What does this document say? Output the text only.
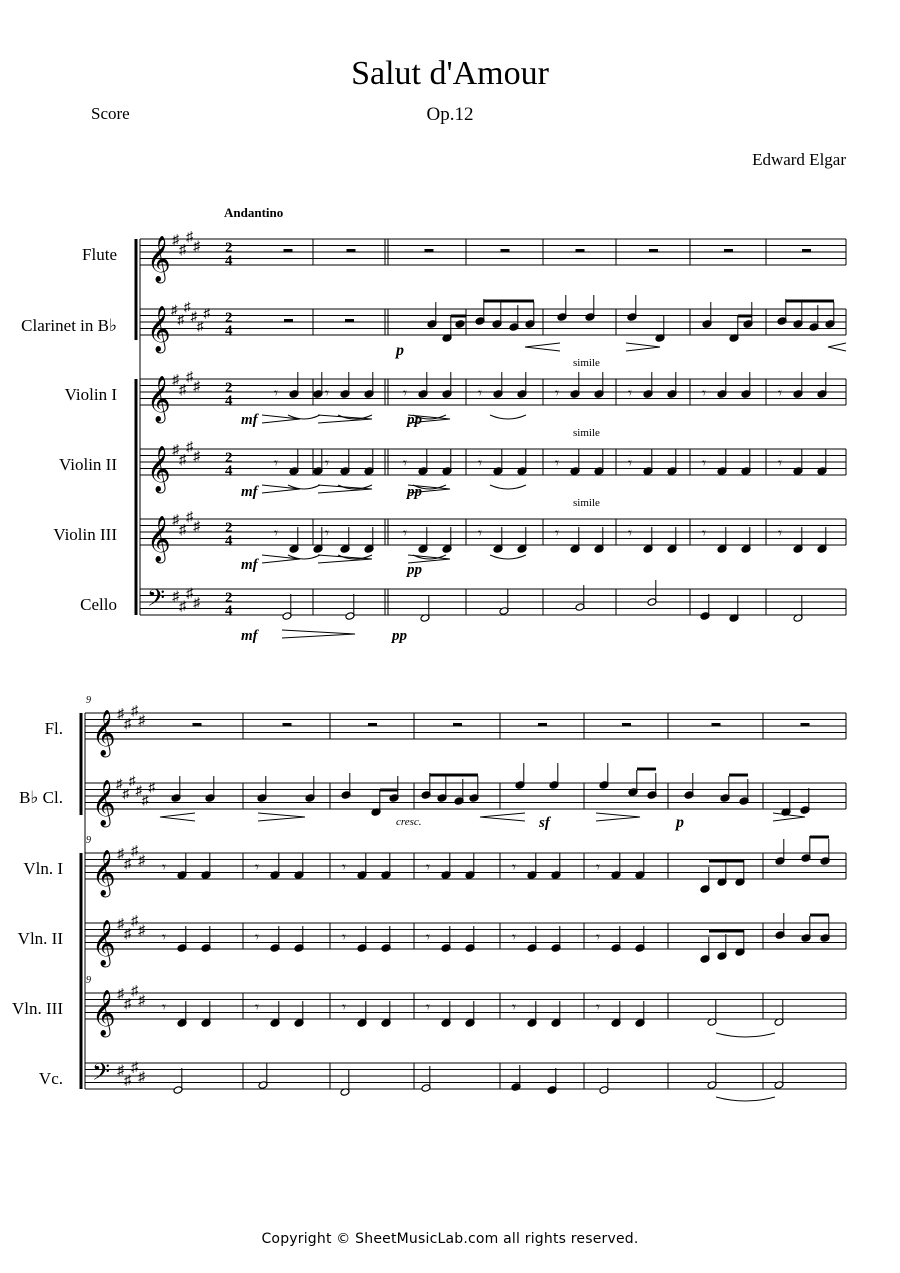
Salut d'Amour
Op.12
Score
Edward Elgar
𝄞 ♯
♯
♯
♯ 2
4
𝄞 ♯
♯
♯
♯
♯
♯ 2
4
𝄞 ♯
♯
♯
♯ 2
4
𝄞 ♯
♯
♯
♯ 2
4
𝄞 ♯
♯
♯
♯ 2
4
𝄢 ♯
♯
♯
♯ 2
4
𝄾	𝄾	𝄾	𝄾	𝄾	𝄾	𝄾	𝄾
𝄾	𝄾	𝄾	𝄾	𝄾	𝄾	𝄾	𝄾
𝄾	𝄾	𝄾	𝄾	𝄾	𝄾	𝄾	𝄾
𝄞 ♯
♯
♯
♯
𝄞 ♯
♯
♯
♯
♯
♯
𝄞 ♯
♯
♯
♯
𝄞 ♯
♯
♯
♯
𝄞 ♯
♯
♯
♯
𝄢 ♯
♯
♯
♯
𝄾	𝄾	𝄾	𝄾	𝄾	𝄾
𝄾	𝄾	𝄾	𝄾	𝄾	𝄾
𝄾	𝄾	𝄾	𝄾	𝄾	𝄾
Andantino
Flute
Clarinet in B♭
Violin I
Violin II
Violin III
Cello
Fl.
B♭ Cl.
Vln. I
Vln. II
Vln. III
Vc.
9
9
9
p
mf	pp
mf	pp
mf	pp
mf	pp
simile
simile
simile
cresc.	sf	p
Copyright © SheetMusicLab.com all rights reserved.
